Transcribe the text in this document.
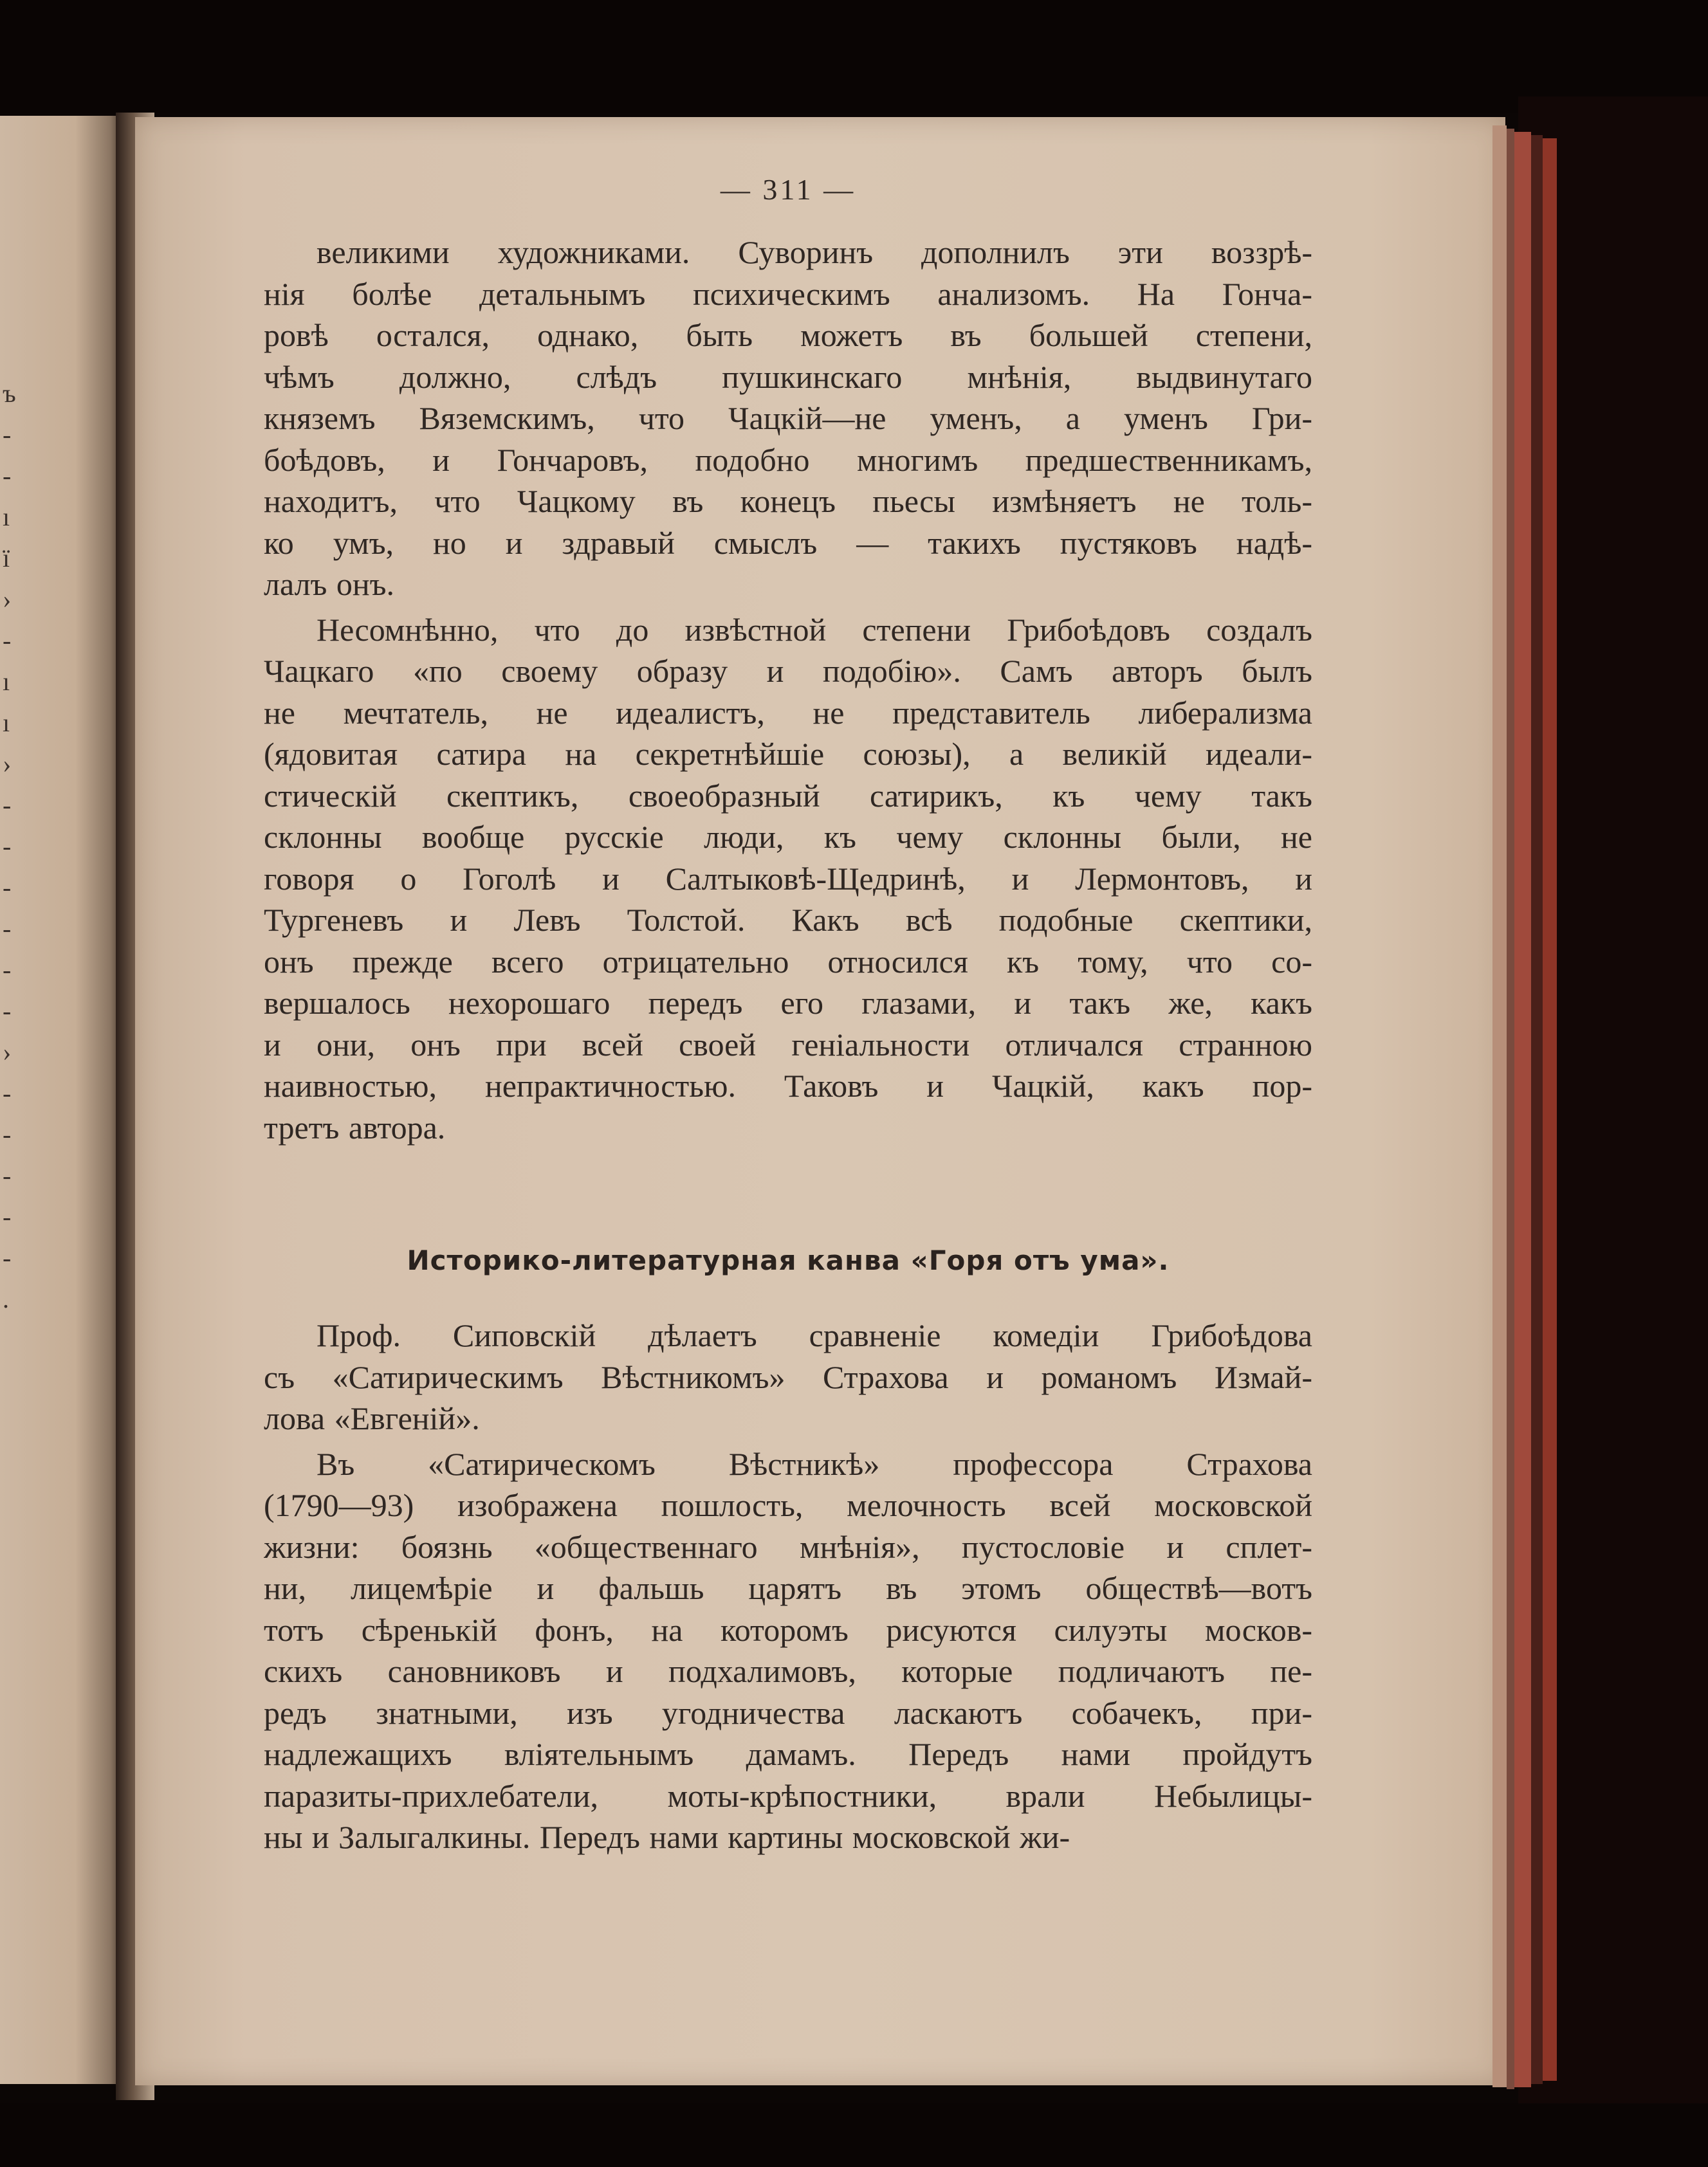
ъ
-
-
ı
ї
›
-
ı
ı
›
-
-
-
-
-
-
›
-
-
-
-
-
.
— 311 —
великими художниками. Суворинъ дополнилъ эти воззрѣ-
нія болѣе детальнымъ психическимъ анализомъ. На Гонча-
ровѣ остался, однако, быть можетъ въ большей степени,
чѣмъ должно, слѣдъ пушкинскаго мнѣнія, выдвинутаго
княземъ Вяземскимъ, что Чацкій—не уменъ, а уменъ Гри-
боѣдовъ, и Гончаровъ, подобно многимъ предшественникамъ,
находитъ, что Чацкому въ конецъ пьесы измѣняетъ не толь-
ко умъ, но и здравый смыслъ — такихъ пустяковъ надѣ-
лалъ онъ.
Несомнѣнно, что до извѣстной степени Грибоѣдовъ создалъ
Чацкаго «по своему образу и подобію». Самъ авторъ былъ
не мечтатель, не идеалистъ, не представитель либерализма
(ядовитая сатира на секретнѣйшіе союзы), а великій идеали-
стическій скептикъ, своеобразный сатирикъ, къ чему такъ
склонны вообще русскіе люди, къ чему склонны были, не
говоря о Гоголѣ и Салтыковѣ-Щедринѣ, и Лермонтовъ, и
Тургеневъ и Левъ Толстой. Какъ всѣ подобные скептики,
онъ прежде всего отрицательно относился къ тому, что со-
вершалось нехорошаго передъ его глазами, и такъ же, какъ
и они, онъ при всей своей геніальности отличался странною
наивностью, непрактичностью. Таковъ и Чацкій, какъ пор-
третъ автора.
Историко-литературная канва «Горя отъ ума».
Проф. Сиповскій дѣлаетъ сравненіе комедіи Грибоѣдова
съ «Сатирическимъ Вѣстникомъ» Страхова и романомъ Измай-
лова «Евгеній».
Въ «Сатирическомъ Вѣстникѣ» профессора Страхова
(1790—93) изображена пошлость, мелочность всей московской
жизни: боязнь «общественнаго мнѣнія», пустословіе и сплет-
ни, лицемѣріе и фальшь царятъ въ этомъ обществѣ—вотъ
тотъ сѣренькій фонъ, на которомъ рисуются силуэты москов-
скихъ сановниковъ и подхалимовъ, которые подличаютъ пе-
редъ знатными, изъ угодничества ласкаютъ собачекъ, при-
надлежащихъ вліятельнымъ дамамъ. Передъ нами пройдутъ
паразиты-прихлебатели, моты-крѣпостники, врали Небылицы-
ны и Залыгалкины. Передъ нами картины московской жи-
